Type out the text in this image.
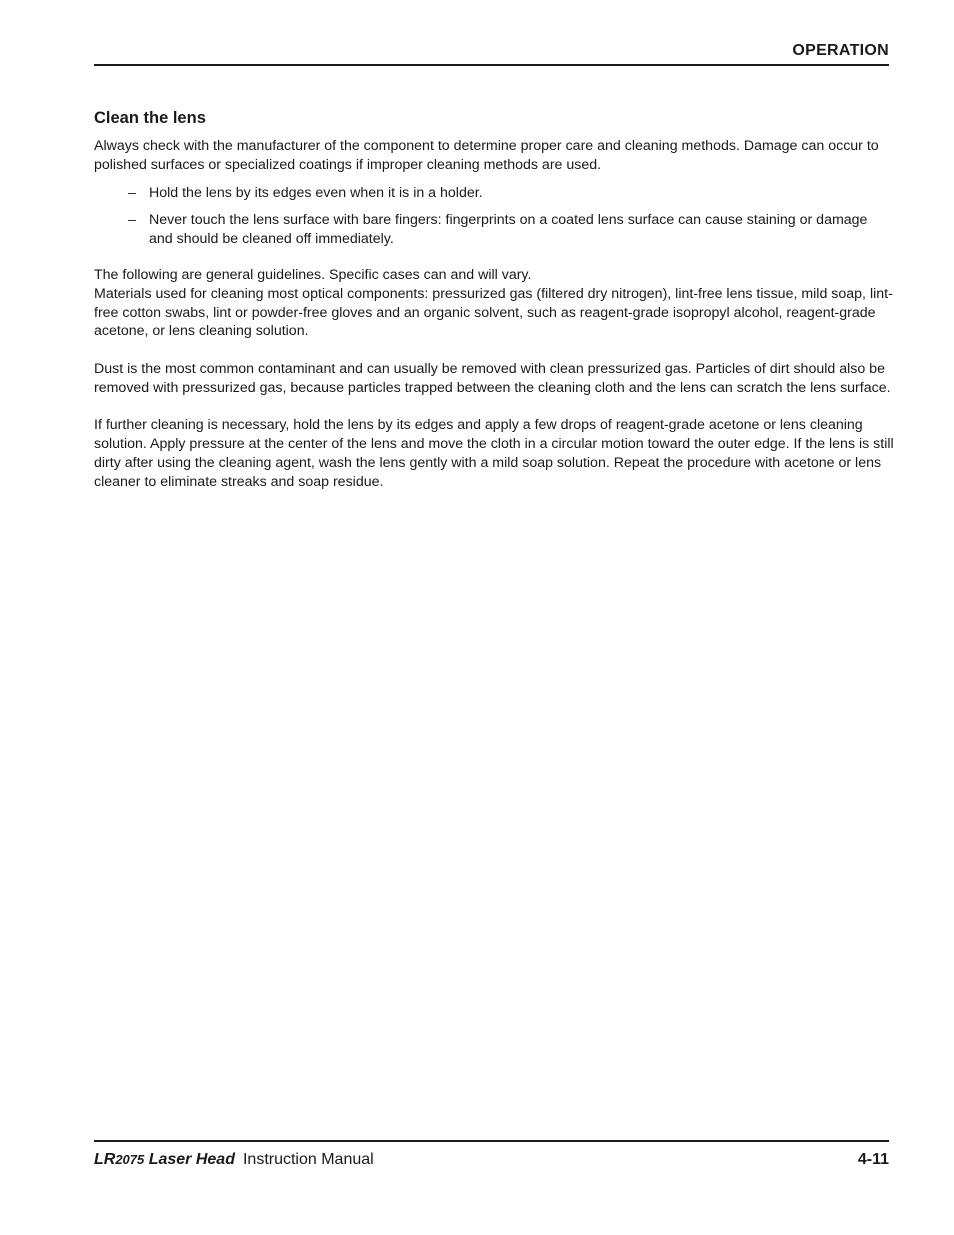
OPERATION
Clean the lens

Always check with the manufacturer of the component to determine proper care and cleaning methods. Damage can occur to polished surfaces or specialized coatings if improper cleaning methods are used.

– Hold the lens by its edges even when it is in a holder.
– Never touch the lens surface with bare fingers: fingerprints on a coated lens surface can cause staining or damage and should be cleaned off immediately.

The following are general guidelines. Specific cases can and will vary.

Materials used for cleaning most optical components: pressurized gas (filtered dry nitrogen), lint-free lens tissue, mild soap, lint-free cotton swabs, lint or powder-free gloves and an organic solvent, such as reagent-grade isopropyl alcohol, reagent-grade acetone, or lens cleaning solution.

Dust is the most common contaminant and can usually be removed with clean pressurized gas. Particles of dirt should also be removed with pressurized gas, because particles trapped between the cleaning cloth and the lens can scratch the lens surface.

If further cleaning is necessary, hold the lens by its edges and apply a few drops of reagent-grade acetone or lens cleaning solution. Apply pressure at the center of the lens and move the cloth in a circular motion toward the outer edge. If the lens is still dirty after using the cleaning agent, wash the lens gently with a mild soap solution. Repeat the procedure with acetone or lens cleaner to eliminate streaks and soap residue.

LR2075 Laser Head Instruction Manual	4-11
